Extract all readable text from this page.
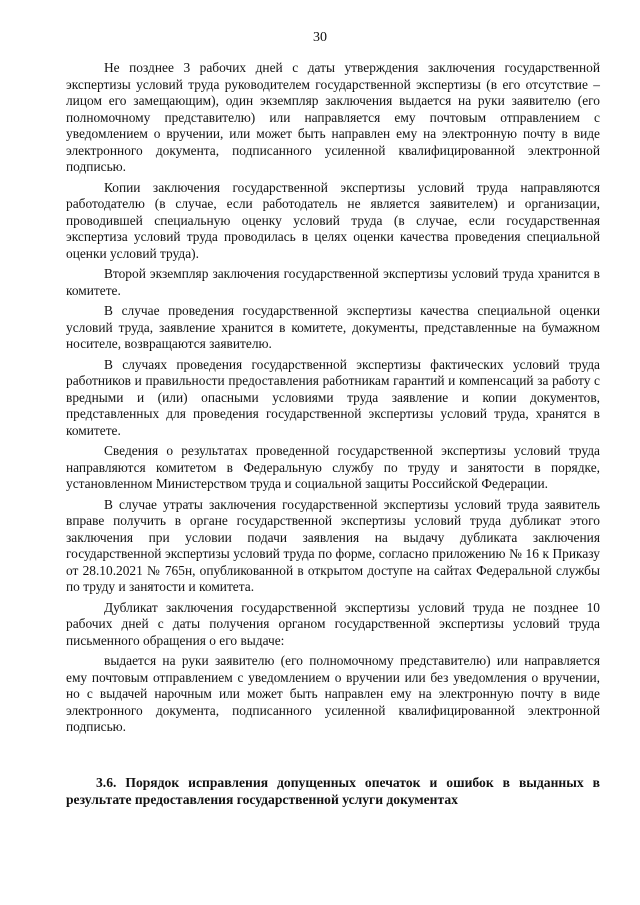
30

Не позднее 3 рабочих дней с даты утверждения заключения государственной экспертизы условий труда руководителем государственной экспертизы (в его отсутствие – лицом его замещающим), один экземпляр заключения выдается на руки заявителю (его полномочному представителю) или направляется ему почтовым отправлением с уведомлением о вручении, или может быть направлен ему на электронную почту в виде электронного документа, подписанного усиленной квалифицированной электронной подписью.

Копии заключения государственной экспертизы условий труда направляются работодателю (в случае, если работодатель не является заявителем) и организации, проводившей специальную оценку условий труда (в случае, если государственная экспертиза условий труда проводилась в целях оценки качества проведения специальной оценки условий труда).

Второй экземпляр заключения государственной экспертизы условий труда хранится в комитете.

В случае проведения государственной экспертизы качества специальной оценки условий труда, заявление хранится в комитете, документы, представленные на бумажном носителе, возвращаются заявителю.

В случаях проведения государственной экспертизы фактических условий труда работников и правильности предоставления работникам гарантий и компенсаций за работу с вредными и (или) опасными условиями труда заявление и копии документов, представленных для проведения государственной экспертизы условий труда, хранятся в комитете.

Сведения о результатах проведенной государственной экспертизы условий труда направляются комитетом в Федеральную службу по труду и занятости в порядке, установленном Министерством труда и социальной защиты Российской Федерации.

В случае утраты заключения государственной экспертизы условий труда заявитель вправе получить в органе государственной экспертизы условий труда дубликат этого заключения при условии подачи заявления на выдачу дубликата заключения государственной экспертизы условий труда по форме, согласно приложению № 16 к Приказу от 28.10.2021 № 765н, опубликованной в открытом доступе на сайтах Федеральной службы по труду и занятости и комитета.

Дубликат заключения государственной экспертизы условий труда не позднее 10 рабочих дней с даты получения органом государственной экспертизы условий труда письменного обращения о его выдаче:

выдается на руки заявителю (его полномочному представителю) или направляется ему почтовым отправлением с уведомлением о вручении или без уведомления о вручении, но с выдачей нарочным или может быть направлен ему на электронную почту в виде электронного документа, подписанного усиленной квалифицированной электронной подписью.

3.6. Порядок исправления допущенных опечаток и ошибок в выданных в результате предоставления государственной услуги документах
